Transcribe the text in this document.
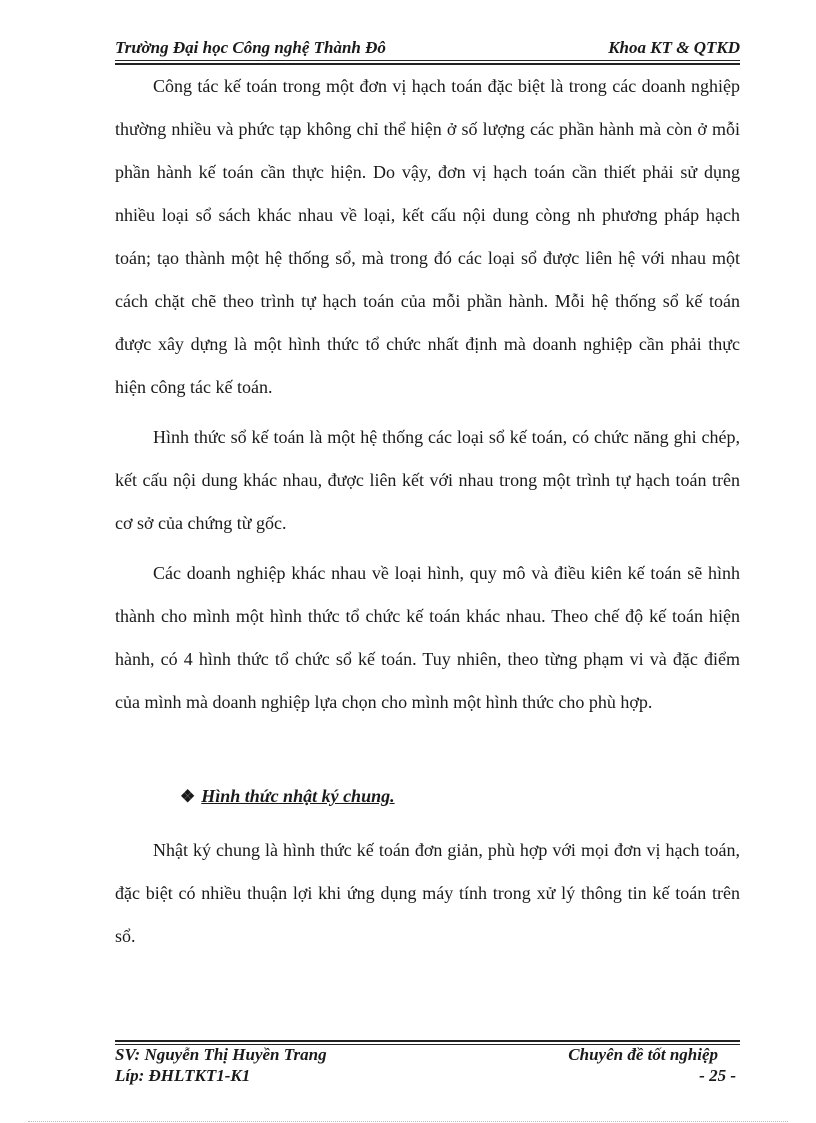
Trường Đại học Công nghệ Thành Đô	Khoa KT & QTKD

Công tác kế toán trong một đơn vị hạch toán đặc biệt là trong các doanh nghiệp thường nhiều và phức tạp không chỉ thể hiện ở số lượng các phần hành mà còn ở mỗi phần hành kế toán cần thực hiện. Do vậy, đơn vị hạch toán cần thiết phải sử dụng nhiều loại sổ sách khác nhau về loại, kết cấu nội dung còng nh phương pháp hạch toán; tạo thành một hệ thống sổ, mà trong đó các loại sổ được liên hệ với nhau một cách chặt chẽ theo trình tự hạch toán của mỗi phần hành. Mỗi hệ thống sổ kế toán được xây dựng là một hình thức tổ chức nhất định mà doanh nghiệp cần phải thực hiện công tác kế toán.

Hình thức sổ kế toán là một hệ thống các loại sổ kế toán, có chức năng ghi chép, kết cấu nội dung khác nhau, được liên kết với nhau trong một trình tự hạch toán trên cơ sở của chứng từ gốc.

Các doanh nghiệp khác nhau về loại hình, quy mô và điều kiên kế toán sẽ hình thành cho mình một hình thức tổ chức kế toán khác nhau. Theo chế độ kế toán hiện hành, có 4 hình thức tổ chức sổ kế toán. Tuy nhiên, theo từng phạm vi và đặc điểm của mình mà doanh nghiệp lựa chọn cho mình một hình thức cho phù hợp.

❖ Hình thức nhật ký chung.

Nhật ký chung là hình thức kế toán đơn giản, phù hợp với mọi đơn vị hạch toán, đặc biệt có nhiều thuận lợi khi ứng dụng máy tính trong xử lý thông tin kế toán trên sổ.

SV: Nguyễn Thị Huyền Trang
Líp: ĐHLTKT1-K1
Chuyên đề tốt nghiệp
- 25 -
